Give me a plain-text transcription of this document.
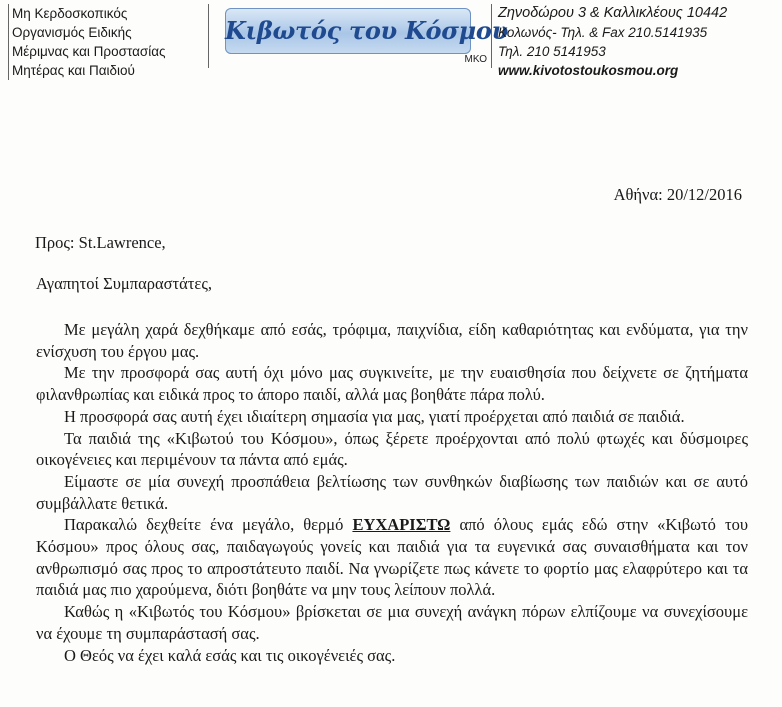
Μη Κερδοσκοπικός
Οργανισμός Ειδικής
Μέριμνας και Προστασίας
Μητέρας και Παιδιού
Κιβωτός του Κόσμου
ΜΚΟ
Ζηνοδώρου 3 & Καλλικλέους 10442
Κολωνός- Τηλ. & Fax 210.5141935
Τηλ. 210 5141953
www.kivotostoukosmou.org
Αθήνα: 20/12/2016
Προς: St.Lawrence,
Αγαπητοί Συμπαραστάτες,

Με μεγάλη χαρά δεχθήκαμε από εσάς, τρόφιμα, παιχνίδια, είδη καθαριότητας και ενδύματα, για την ενίσχυση του έργου μας.

Με την προσφορά σας αυτή όχι μόνο μας συγκινείτε, με την ευαισθησία που δείχνετε σε ζητήματα φιλανθρωπίας και ειδικά προς το άπορο παιδί, αλλά μας βοηθάτε πάρα πολύ.

Η προσφορά σας αυτή έχει ιδιαίτερη σημασία για μας, γιατί προέρχεται από παιδιά σε παιδιά.

Τα παιδιά της «Κιβωτού του Κόσμου», όπως ξέρετε προέρχονται από πολύ φτωχές και δύσμοιρες οικογένειες και περιμένουν τα πάντα από εμάς.

Είμαστε σε μία συνεχή προσπάθεια βελτίωσης των συνθηκών διαβίωσης των παιδιών και σε αυτό συμβάλλατε θετικά.

Παρακαλώ δεχθείτε ένα μεγάλο, θερμό ΕΥΧΑΡΙΣΤΩ από όλους εμάς εδώ στην «Κιβωτό του Κόσμου» προς όλους σας, παιδαγωγούς γονείς και παιδιά για τα ευγενικά σας συναισθήματα και τον ανθρωπισμό σας προς το απροστάτευτο παιδί. Να γνωρίζετε πως κάνετε το φορτίο μας ελαφρύτερο και τα παιδιά μας πιο χαρούμενα, διότι βοηθάτε να μην τους λείπουν πολλά.

Καθώς η «Κιβωτός του Κόσμου» βρίσκεται σε μια συνεχή ανάγκη πόρων ελπίζουμε να συνεχίσουμε να έχουμε τη συμπαράστασή σας.

Ο Θεός να έχει καλά εσάς και τις οικογένειές σας.
